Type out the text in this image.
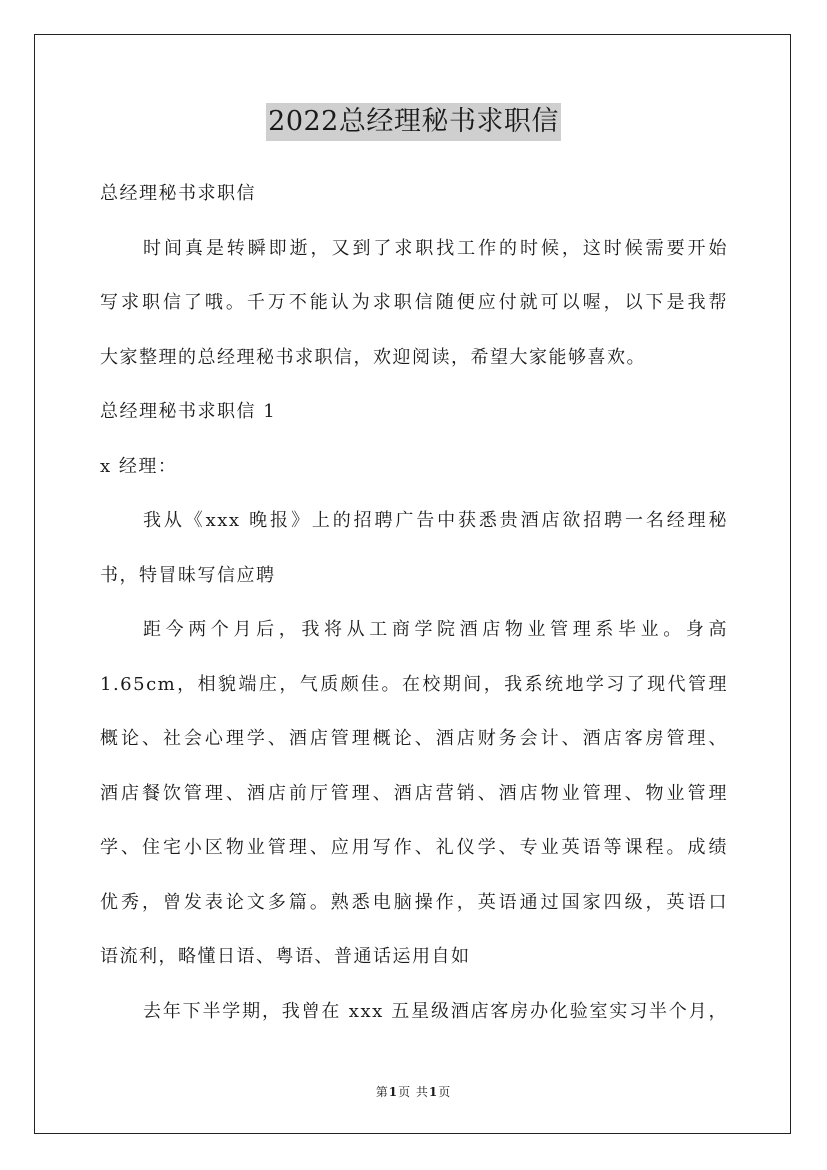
2022总经理秘书求职信
总经理秘书求职信
时间真是转瞬即逝，又到了求职找工作的时候，这时候需要开始
写求职信了哦。千万不能认为求职信随便应付就可以喔，以下是我帮
大家整理的总经理秘书求职信，欢迎阅读，希望大家能够喜欢。
总经理秘书求职信 1
x 经理：
我从《xxx 晚报》上的招聘广告中获悉贵酒店欲招聘一名经理秘
书，特冒昧写信应聘
距今两个月后，我将从工商学院酒店物业管理系毕业。身高
1.65cm，相貌端庄，气质颇佳。在校期间，我系统地学习了现代管理
概论、社会心理学、酒店管理概论、酒店财务会计、酒店客房管理、
酒店餐饮管理、酒店前厅管理、酒店营销、酒店物业管理、物业管理
学、住宅小区物业管理、应用写作、礼仪学、专业英语等课程。成绩
优秀，曾发表论文多篇。熟悉电脑操作，英语通过国家四级，英语口
语流利，略懂日语、粤语、普通话运用自如
去年下半学期，我曾在 xxx 五星级酒店客房办化验室实习半个月，
第1页 共1页
